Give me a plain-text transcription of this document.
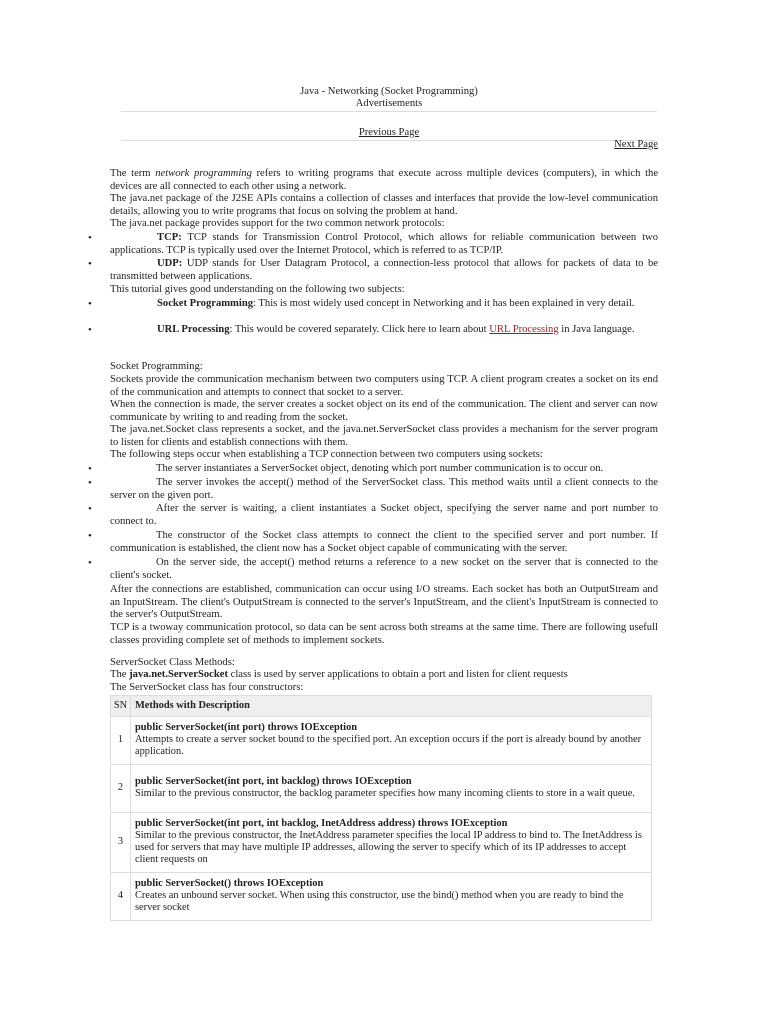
Java - Networking (Socket Programming)
Advertisements
Previous Page
Next Page
The term network programming refers to writing programs that execute across multiple devices (computers), in which the devices are all connected to each other using a network.
The java.net package of the J2SE APIs contains a collection of classes and interfaces that provide the low-level communication details, allowing you to write programs that focus on solving the problem at hand.
The java.net package provides support for the two common network protocols:
•	TCP: TCP stands for Transmission Control Protocol, which allows for reliable communication between two applications. TCP is typically used over the Internet Protocol, which is referred to as TCP/IP.
•	UDP: UDP stands for User Datagram Protocol, a connection-less protocol that allows for packets of data to be transmitted between applications.
This tutorial gives good understanding on the following two subjects:
•	Socket Programming: This is most widely used concept in Networking and it has been explained in very detail.
•	URL Processing: This would be covered separately. Click here to learn about URL Processing in Java language.
Socket Programming:
Sockets provide the communication mechanism between two computers using TCP. A client program creates a socket on its end of the communication and attempts to connect that socket to a server.
When the connection is made, the server creates a socket object on its end of the communication. The client and server can now communicate by writing to and reading from the socket.
The java.net.Socket class represents a socket, and the java.net.ServerSocket class provides a mechanism for the server program to listen for clients and establish connections with them.
The following steps occur when establishing a TCP connection between two computers using sockets:
•	The server instantiates a ServerSocket object, denoting which port number communication is to occur on.
•	The server invokes the accept() method of the ServerSocket class. This method waits until a client connects to the server on the given port.
•	After the server is waiting, a client instantiates a Socket object, specifying the server name and port number to connect to.
•	The constructor of the Socket class attempts to connect the client to the specified server and port number. If communication is established, the client now has a Socket object capable of communicating with the server.
•	On the server side, the accept() method returns a reference to a new socket on the server that is connected to the client's socket.
After the connections are established, communication can occur using I/O streams. Each socket has both an OutputStream and an InputStream. The client's OutputStream is connected to the server's InputStream, and the client's InputStream is connected to the server's OutputStream.
TCP is a twoway communication protocol, so data can be sent across both streams at the same time. There are following usefull classes providing complete set of methods to implement sockets.
ServerSocket Class Methods:
The java.net.ServerSocket class is used by server applications to obtain a port and listen for client requests
The ServerSocket class has four constructors:
SN	Methods with Description
1	public ServerSocket(int port) throws IOException
Attempts to create a server socket bound to the specified port. An exception occurs if the port is already bound by another application.

2	public ServerSocket(int port, int backlog) throws IOException
Similar to the previous constructor, the backlog parameter specifies how many incoming clients to store in a wait queue.

3	public ServerSocket(int port, int backlog, InetAddress address) throws IOException
Similar to the previous constructor, the InetAddress parameter specifies the local IP address to bind to. The InetAddress is used for servers that may have multiple IP addresses, allowing the server to specify which of its IP addresses to accept client requests on

4	public ServerSocket() throws IOException
Creates an unbound server socket. When using this constructor, use the bind() method when you are ready to bind the server socket
